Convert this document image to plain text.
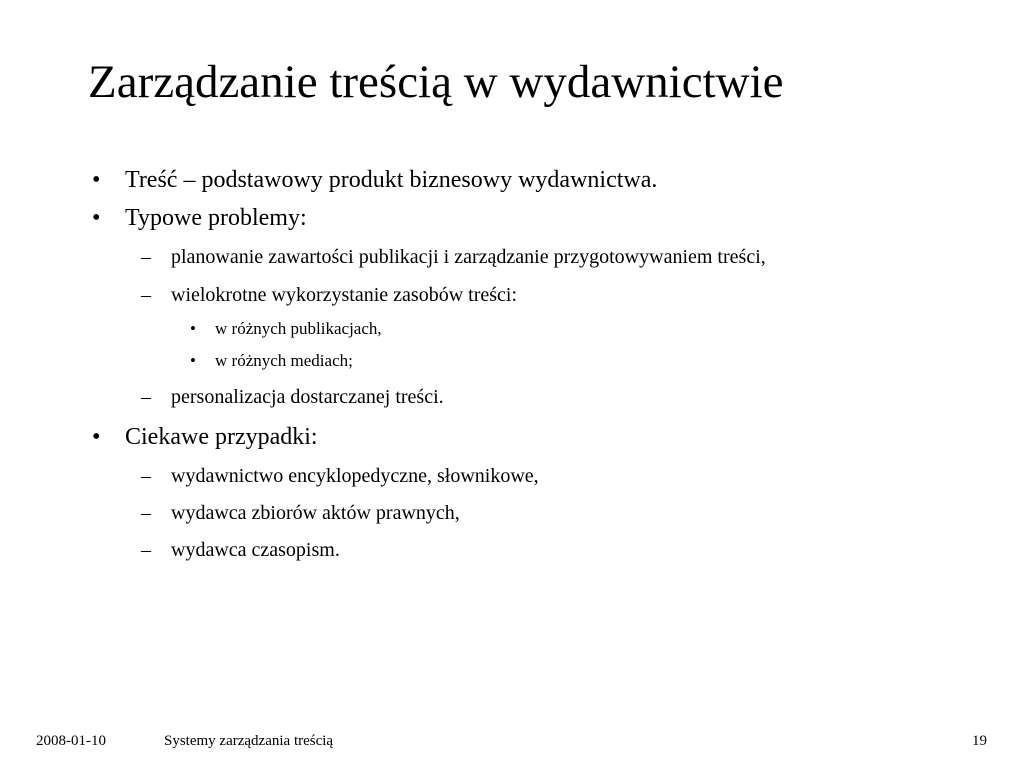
Zarządzanie treścią w wydawnictwie
• Treść – podstawowy produkt biznesowy wydawnictwa.
• Typowe problemy:
– planowanie zawartości publikacji i zarządzanie przygotowywaniem treści,
– wielokrotne wykorzystanie zasobów treści:
• w różnych publikacjach,
• w różnych mediach;
– personalizacja dostarczanej treści.
• Ciekawe przypadki:
– wydawnictwo encyklopedyczne, słownikowe,
– wydawca zbiorów aktów prawnych,
– wydawca czasopism.
2008-01-10	Systemy zarządzania treścią	19
